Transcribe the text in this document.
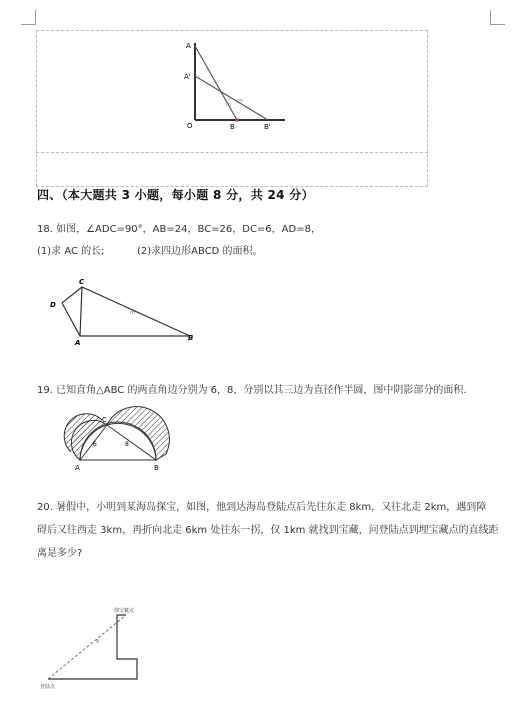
A
A'
O	B	B'
m
m
四、（本大题共 3 小题，每小题 8 分，共 24 分）
18. 如图，∠ADC=90°，AB=24，BC=26，DC=6，AD=8，
(1)求 AC 的长;	(2)求四边形ABCD 的面积。
C
D
A
B
m
19. 已知直角△ABC 的两直角边分别为 6，8，分别以其三边为直径作半圆，图中阴影部分的面积.
C
A	B
6	8
20. 暑假中，小明到某海岛探宝，如图，他到达海岛登陆点后先往东走 8km，又往北走 2km，遇到障
碍后又往西走 3km，再折向北走 6km 处往东一拐，仅 1km 就找到宝藏，问登陆点到埋宝藏点的直线距
离是多少?
埋宝藏点
登陆点
8
